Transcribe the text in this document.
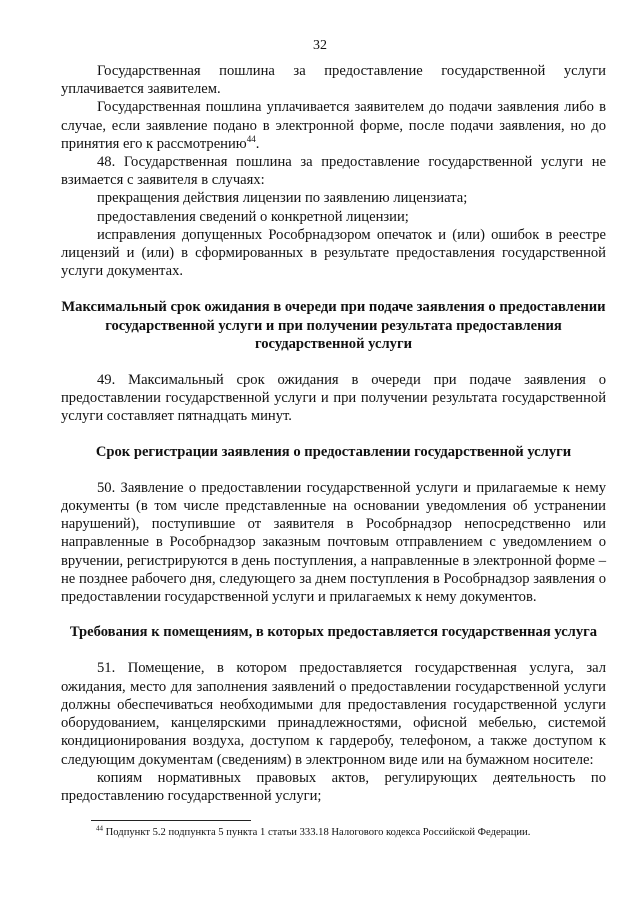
32

Государственная пошлина за предоставление государственной услуги уплачивается заявителем.

Государственная пошлина уплачивается заявителем до подачи заявления либо в случае, если заявление подано в электронной форме, после подачи заявления, но до принятия его к рассмотрению$^{44}$.

48. Государственная пошлина за предоставление государственной услуги не взимается с заявителя в случаях:

прекращения действия лицензии по заявлению лицензиата;

предоставления сведений о конкретной лицензии;

исправления допущенных Рособрнадзором опечаток и (или) ошибок в реестре лицензий и (или) в сформированных в результате предоставления государственной услуги документах.

Максимальный срок ожидания в очереди при подаче заявления о предоставлении государственной услуги и при получении результата предоставления государственной услуги

49. Максимальный срок ожидания в очереди при подаче заявления о предоставлении государственной услуги и при получении результата государственной услуги составляет пятнадцать минут.

Срок регистрации заявления о предоставлении государственной услуги

50. Заявление о предоставлении государственной услуги и прилагаемые к нему документы (в том числе представленные на основании уведомления об устранении нарушений), поступившие от заявителя в Рособрнадзор непосредственно или направленные в Рособрнадзор заказным почтовым отправлением с уведомлением о вручении, регистрируются в день поступления, а направленные в электронной форме – не позднее рабочего дня, следующего за днем поступления в Рособрнадзор заявления о предоставлении государственной услуги и прилагаемых к нему документов.

Требования к помещениям, в которых предоставляется государственная услуга

51. Помещение, в котором предоставляется государственная услуга, зал ожидания, место для заполнения заявлений о предоставлении государственной услуги должны обеспечиваться необходимыми для предоставления государственной услуги оборудованием, канцелярскими принадлежностями, офисной мебелью, системой кондиционирования воздуха, доступом к гардеробу, телефоном, а также доступом к следующим документам (сведениям) в электронном виде или на бумажном носителе:

копиям нормативных правовых актов, регулирующих деятельность по предоставлению государственной услуги;

$^{44}$ Подпункт 5.2 подпункта 5 пункта 1 статьи 333.18 Налогового кодекса Российской Федерации.
